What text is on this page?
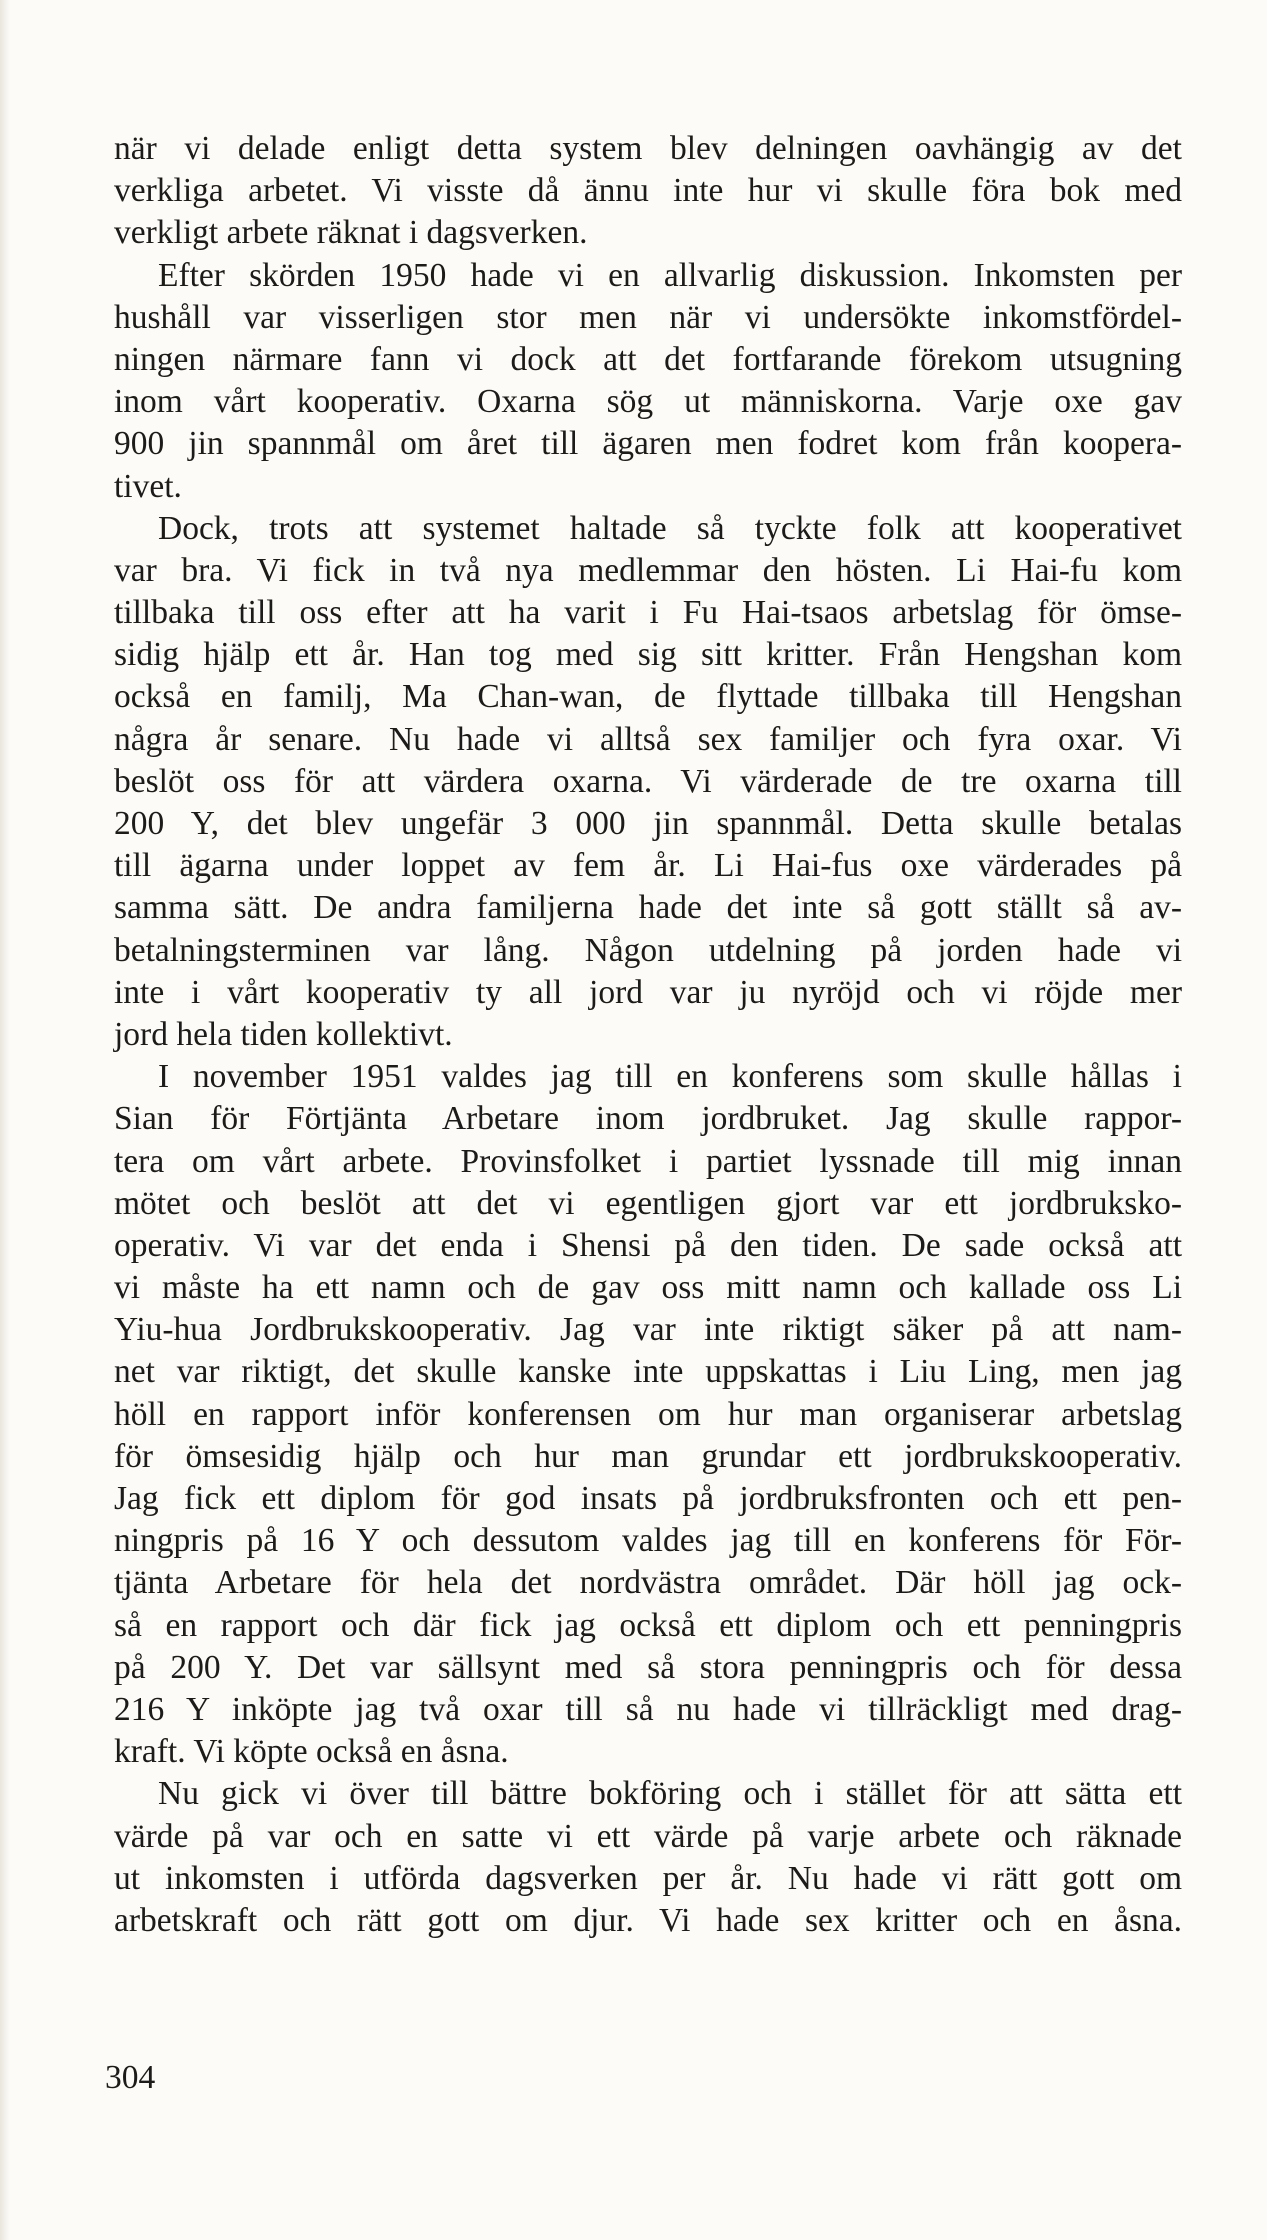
när vi delade enligt detta system blev delningen oavhängig av det
verkliga arbetet. Vi visste då ännu inte hur vi skulle föra bok med
verkligt arbete räknat i dagsverken.
Efter skörden 1950 hade vi en allvarlig diskussion. Inkomsten per
hushåll var visserligen stor men när vi undersökte inkomstfördel-
ningen närmare fann vi dock att det fortfarande förekom utsugning
inom vårt kooperativ. Oxarna sög ut människorna. Varje oxe gav
900 jin spannmål om året till ägaren men fodret kom från koopera-
tivet.
Dock, trots att systemet haltade så tyckte folk att kooperativet
var bra. Vi fick in två nya medlemmar den hösten. Li Hai-fu kom
tillbaka till oss efter att ha varit i Fu Hai-tsaos arbetslag för ömse-
sidig hjälp ett år. Han tog med sig sitt kritter. Från Hengshan kom
också en familj, Ma Chan-wan, de flyttade tillbaka till Hengshan
några år senare. Nu hade vi alltså sex familjer och fyra oxar. Vi
beslöt oss för att värdera oxarna. Vi värderade de tre oxarna till
200 Y, det blev ungefär 3 000 jin spannmål. Detta skulle betalas
till ägarna under loppet av fem år. Li Hai-fus oxe värderades på
samma sätt. De andra familjerna hade det inte så gott ställt så av-
betalningsterminen var lång. Någon utdelning på jorden hade vi
inte i vårt kooperativ ty all jord var ju nyröjd och vi röjde mer
jord hela tiden kollektivt.
I november 1951 valdes jag till en konferens som skulle hållas i
Sian för Förtjänta Arbetare inom jordbruket. Jag skulle rappor-
tera om vårt arbete. Provinsfolket i partiet lyssnade till mig innan
mötet och beslöt att det vi egentligen gjort var ett jordbruksko-
operativ. Vi var det enda i Shensi på den tiden. De sade också att
vi måste ha ett namn och de gav oss mitt namn och kallade oss Li
Yiu-hua Jordbrukskooperativ. Jag var inte riktigt säker på att nam-
net var riktigt, det skulle kanske inte uppskattas i Liu Ling, men jag
höll en rapport inför konferensen om hur man organiserar arbetslag
för ömsesidig hjälp och hur man grundar ett jordbrukskooperativ.
Jag fick ett diplom för god insats på jordbruksfronten och ett pen-
ningpris på 16 Y och dessutom valdes jag till en konferens för För-
tjänta Arbetare för hela det nordvästra området. Där höll jag ock-
så en rapport och där fick jag också ett diplom och ett penningpris
på 200 Y. Det var sällsynt med så stora penningpris och för dessa
216 Y inköpte jag två oxar till så nu hade vi tillräckligt med drag-
kraft. Vi köpte också en åsna.
Nu gick vi över till bättre bokföring och i stället för att sätta ett
värde på var och en satte vi ett värde på varje arbete och räknade
ut inkomsten i utförda dagsverken per år. Nu hade vi rätt gott om
arbetskraft och rätt gott om djur. Vi hade sex kritter och en åsna.
304
